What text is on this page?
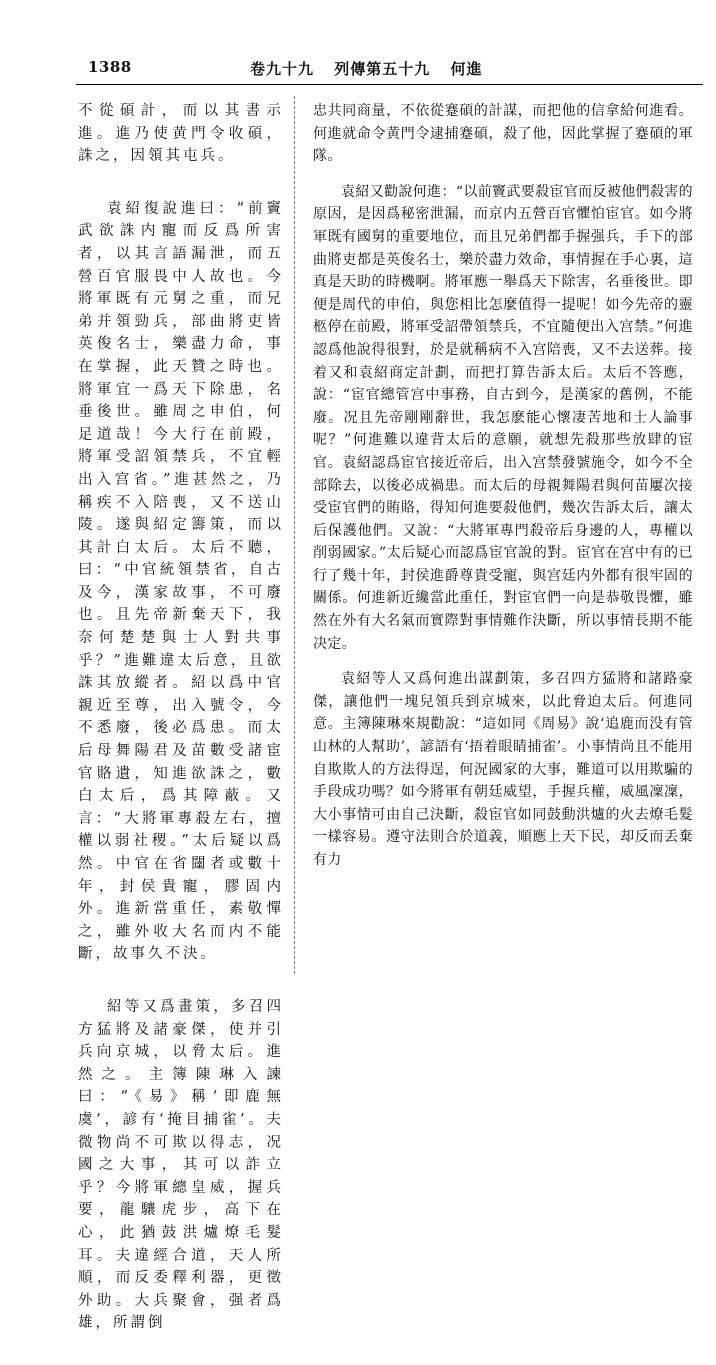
1388	卷九十九 列傳第五十九 何進

不從碩計，而以其書示進。進乃使黄門令收碩，誅之，因領其屯兵。

袁紹復說進曰：“前竇武欲誅内寵而反爲所害者，以其言語漏泄，而五營百官服畏中人故也。今將軍既有元舅之重，而兄弟并領勁兵，部曲將吏皆英俊名士，樂盡力命，事在掌握，此天贊之時也。將軍宜一爲天下除患，名垂後世。雖周之申伯，何足道哉！今大行在前殿，將軍受詔領禁兵，不宜輕出入宫省。”進甚然之，乃稱疾不入陪喪，又不送山陵。遂與紹定籌策，而以其計白太后。太后不聽，曰：“中官統領禁省，自古及今，漢家故事，不可廢也。且先帝新棄天下，我奈何楚楚與士人對共事乎？”進難違太后意，且欲誅其放縱者。紹以爲中官親近至尊，出入號令，今不悉廢，後必爲患。而太后母舞陽君及苗數受諸宦官賂遺，知進欲誅之，數白太后，爲其障蔽。又言：“大將軍專殺左右，擅權以弱社稷。”太后疑以爲然。中官在省闥者或數十年，封侯貴寵，膠固内外。進新當重任，素敬憚之，雖外收大名而内不能斷，故事久不決。

紹等又爲畫策，多召四方猛將及諸豪傑，使并引兵向京城，以脅太后。進然之。主簿陳琳入諫曰：“《易》稱‘即鹿無虞’，諺有‘掩目捕雀’。夫微物尚不可欺以得志，况國之大事，其可以詐立乎？今將軍總皇威，握兵要，龍驤虎步，高下在心，此猶鼓洪爐燎毛髮耳。夫違經合道，天人所順，而反委釋利器，更徵外助。大兵聚會，强者爲雄，所謂倒

忠共同商量，不依從蹇碩的計謀，而把他的信拿給何進看。何進就命令黄門令逮捕蹇碩，殺了他，因此掌握了蹇碩的軍隊。

袁紹又勸說何進：“以前竇武要殺宦官而反被他們殺害的原因，是因爲秘密泄漏，而京内五營百官懼怕宦官。如今將軍既有國舅的重要地位，而且兄弟們都手握强兵，手下的部曲將吏都是英俊名士，樂於盡力效命，事情握在手心裏，這真是天助的時機啊。將軍應一舉爲天下除害，名垂後世。即便是周代的申伯，與您相比怎麼值得一提呢！如今先帝的靈柩停在前殿，將軍受詔帶領禁兵，不宜隨便出入宫禁。”何進認爲他說得很對，於是就稱病不入宫陪喪，又不去送葬。接着又和袁紹商定計劃，而把打算告訴太后。太后不答應，說：“宦官總管宫中事務，自古到今，是漢家的舊例，不能廢。况且先帝剛剛辭世，我怎麽能心懷凄苦地和士人論事呢？”何進難以違背太后的意願，就想先殺那些放肆的宦官。袁紹認爲宦官接近帝后，出入宫禁發號施令，如今不全部除去，以後必成禍患。而太后的母親舞陽君與何苗屢次接受宦官們的賄賂，得知何進要殺他們，幾次告訴太后，讓太后保護他們。又說：“大將軍專門殺帝后身邊的人，專權以削弱國家。”太后疑心而認爲宦官說的對。宦官在宫中有的已行了幾十年，封侯進爵尊貴受寵，與宫廷内外都有很牢固的關係。何進新近纔當此重任，對宦官們一向是恭敬畏懼，雖然在外有大名氣而實際對事情難作決斷，所以事情長期不能决定。

袁紹等人又爲何進出謀劃策，多召四方猛將和諸路豪傑，讓他們一塊兒領兵到京城來，以此脅迫太后。何進同意。主簿陳琳來規勸說：“這如同《周易》說‘追鹿而没有管山林的人幫助’，諺語有‘捂着眼睛捕雀’。小事情尚且不能用自欺欺人的方法得逞，何況國家的大事，難道可以用欺騙的手段成功嗎？如今將軍有朝廷威望，手握兵權，威風凜凜，大小事情可由自己決斷，殺宦官如同鼓動洪爐的火去燎毛髮一樣容易。遵守法則合於道義，順應上天下民，却反而丢棄有力
